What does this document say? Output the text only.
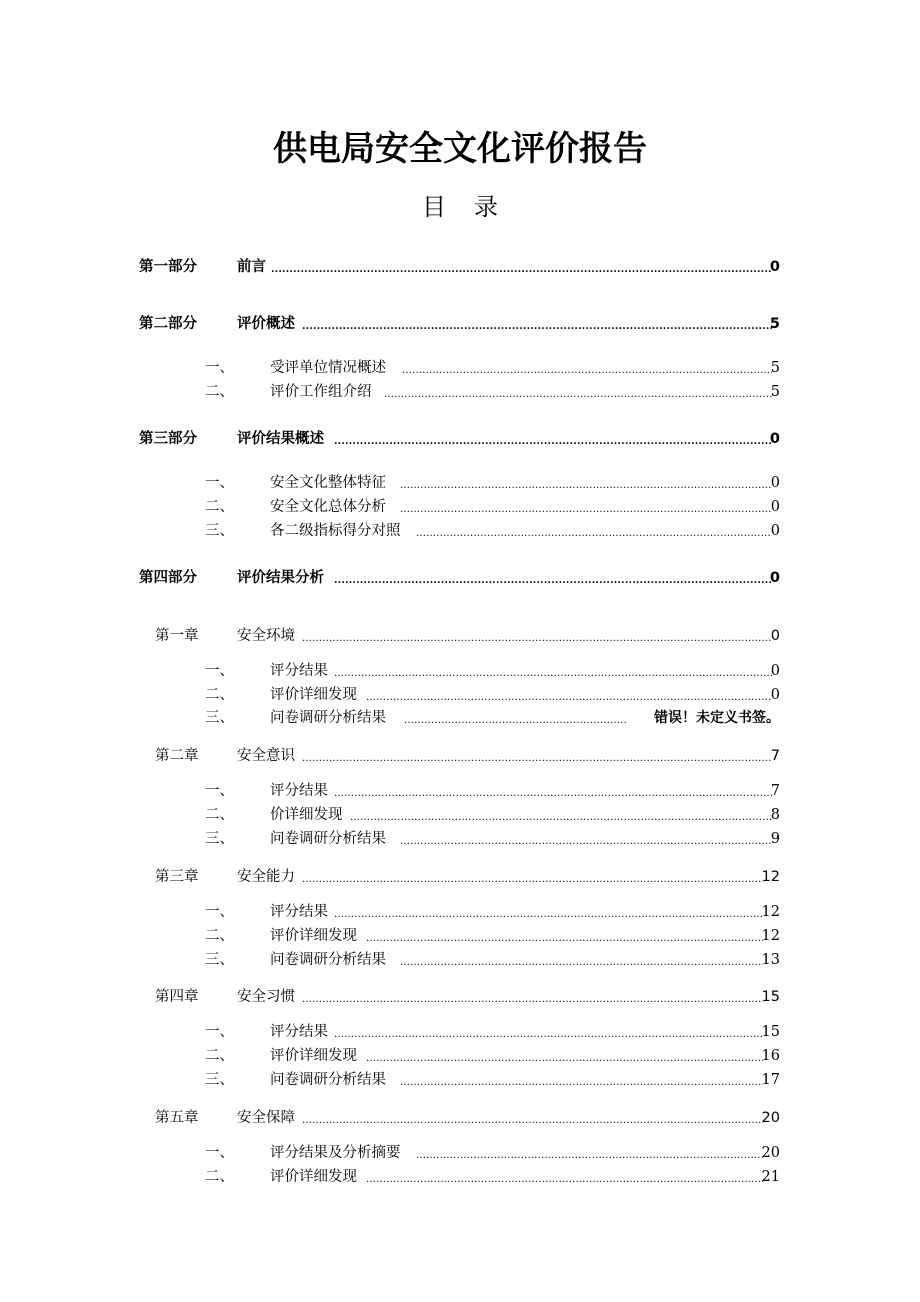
供电局安全文化评价报告
目 录
第一部分	前言 .....	0
第二部分	评价概述 .....	5
一、 受评单位情况概述 .....	5
二、 评价工作组介绍 .....	5
第三部分	评价结果概述 .....	0
一、 安全文化整体特征 .....	0
二、 安全文化总体分析 .....	0
三、 各二级指标得分对照 .....	0
第四部分	评价结果分析 .....	0
第一章	安全环境 .....	0
一、 评分结果 .....	0
二、 评价详细发现 .....	0
三、 问卷调研分析结果 .....	错误！未定义书签。
第二章	安全意识 .....	7
一、 评分结果 .....	7
二、 价详细发现 .....	8
三、 问卷调研分析结果 .....	9
第三章	安全能力 .....	12
一、 评分结果 .....	12
二、 评价详细发现 .....	12
三、 问卷调研分析结果 .....	13
第四章	安全习惯 .....	15
一、 评分结果 .....	15
二、 评价详细发现 .....	16
三、 问卷调研分析结果 .....	17
第五章	安全保障 .....	20
一、 评分结果及分析摘要 .....	20
二、 评价详细发现 .....	21
